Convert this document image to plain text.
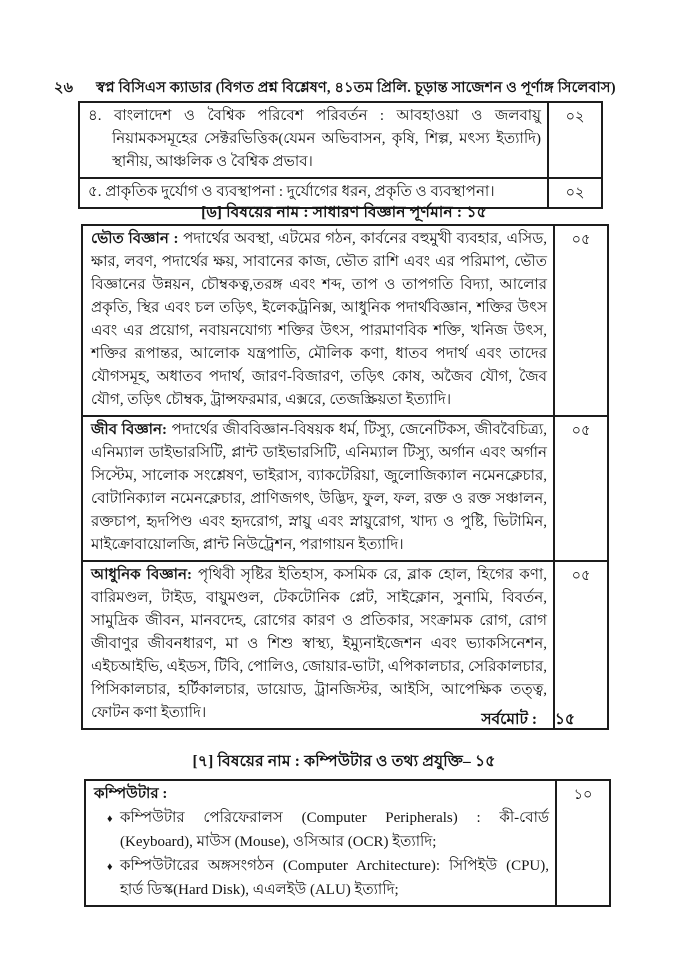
২৬	স্বপ্ন বিসিএস ক্যাডার (বিগত প্রশ্ন বিশ্লেষণ, ৪১তম প্রিলি. চূড়ান্ত সাজেশন ও পূর্ণাঙ্গ সিলেবাস)
৪. বাংলাদেশ ও বৈশ্বিক পরিবেশ পরিবর্তন : আবহাওয়া ও জলবায়ু নিয়ামকসমূহের সেক্টরভিত্তিক(যেমন অভিবাসন, কৃষি, শিল্প, মৎস্য ইত্যাদি) স্থানীয়, আঞ্চলিক ও বৈশ্বিক প্রভাব।
০২
৫. প্রাকৃতিক দুর্যোগ ও ব্যবস্থাপনা : দুর্যোগের ধরন, প্রকৃতি ও ব্যবস্থাপনা।	০২
[৬] বিষয়ের নাম : সাধারণ বিজ্ঞান পূর্ণমান : ১৫
ভৌত বিজ্ঞান : পদার্থের অবস্থা, এটমের গঠন, কার্বনের বহুমুখী ব্যবহার, এসিড, ক্ষার, লবণ, পদার্থের ক্ষয়, সাবানের কাজ, ভৌত রাশি এবং এর পরিমাপ, ভৌত বিজ্ঞানের উন্নয়ন, চৌম্বকত্ব,তরঙ্গ এবং শব্দ, তাপ ও তাপগতি বিদ্যা, আলোর প্রকৃতি, স্থির এবং চল তড়িৎ, ইলেকট্রনিক্স, আধুনিক পদার্থবিজ্ঞান, শক্তির উৎস এবং এর প্রয়োগ, নবায়নযোগ্য শক্তির উৎস, পারমাণবিক শক্তি, খনিজ উৎস, শক্তির রূপান্তর, আলোক যন্ত্রপাতি, মৌলিক কণা, ধাতব পদার্থ এবং তাদের যৌগসমূহ, অধাতব পদার্থ, জারণ-বিজারণ, তড়িৎ কোষ, অজৈব যৌগ, জৈব যৌগ, তড়িৎ চৌম্বক, ট্রান্সফরমার, এক্সরে, তেজস্ক্রিয়তা ইত্যাদি।
০৫
জীব বিজ্ঞান: পদার্থের জীববিজ্ঞান-বিষয়ক ধর্ম, টিস্যু, জেনেটিকস, জীববৈচিত্র্য, এনিম্যাল ডাইভারসিটি, প্লান্ট ডাইভারসিটি, এনিম্যাল টিস্যু, অর্গান এবং অর্গান সিস্টেম, সালোক সংশ্লেষণ, ভাইরাস, ব্যাকটেরিয়া, জুলোজিক্যাল নমেনক্লেচার, বোটানিক্যাল নমেনক্লেচার, প্রাণিজগৎ, উদ্ভিদ, ফুল, ফল, রক্ত ও রক্ত সঞ্চালন, রক্তচাপ, হৃদপিণ্ড এবং হৃদরোগ, স্নায়ু এবং স্নায়ুরোগ, খাদ্য ও পুষ্টি, ভিটামিন, মাইক্রোবায়োলজি, প্লান্ট নিউট্রেশন, পরাগায়ন ইত্যাদি।
০৫
আধুনিক বিজ্ঞান: পৃথিবী সৃষ্টির ইতিহাস, কসমিক রে, ব্লাক হোল, হিগের কণা, বারিমণ্ডল, টাইড, বায়ুমণ্ডল, টেকটোনিক প্লেট, সাইক্লোন, সুনামি, বিবর্তন, সামুদ্রিক জীবন, মানবদেহ, রোগের কারণ ও প্রতিকার, সংক্রামক রোগ, রোগ জীবাণুর জীবনধারণ, মা ও শিশু স্বাস্থ্য, ইম্যুনাইজেশন এবং ভ্যাকসিনেশন, এইচআইভি, এইডস, টিবি, পোলিও, জোয়ার-ভাটা, এপিকালচার, সেরিকালচার, পিসিকালচার, হর্টিকালচার, ডায়োড, ট্রানজিস্টর, আইসি, আপেক্ষিক তত্ত্ব, ফোটন কণা ইত্যাদি।
০৫
সর্বমোট : ১৫
[৭] বিষয়ের নাম : কম্পিউটার ও তথ্য প্রযুক্তি– ১৫
কম্পিউটার :
♦ কম্পিউটার পেরিফেরালস (Computer Peripherals) : কী-বোর্ড (Keyboard), মাউস (Mouse), ওসিআর (OCR) ইত্যাদি;
♦ কম্পিউটারের অঙ্গসংগঠন (Computer Architecture): সিপিইউ (CPU), হার্ড ডিস্ক(Hard Disk), এএলইউ (ALU) ইত্যাদি;
১০
